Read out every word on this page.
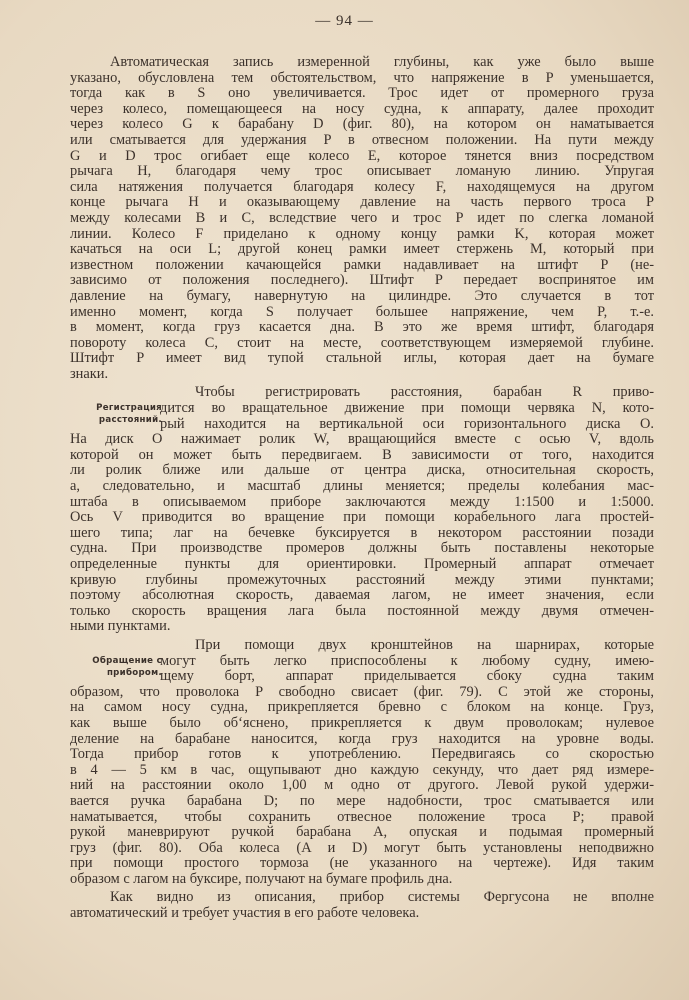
— 94 —
Автоматическая запись измеренной глубины, как уже было выше
указано, обусловлена тем обстоятельством, что напряжение в P уменьшается,
тогда как в S оно увеличивается. Трос идет от промерного груза
через колесо, помещающееся на носу судна, к аппарату, далее проходит
через колесо G к барабану D (фиг. 80), на котором он наматывается
или сматывается для удержания P в отвесном положении. На пути между
G и D трос огибает еще колесо E, которое тянется вниз посредством
рычага H, благодаря чему трос описывает ломаную линию. Упругая
сила натяжения получается благодаря колесу F, находящемуся на другом
конце рычага H и оказывающему давление на часть первого троса P
между колесами B и C, вследствие чего и трос P идет по слегка ломаной
линии. Колесо F приделано к одному концу рамки K, которая может
качаться на оси L; другой конец рамки имеет стержень M, который при
известном положении качающейся рамки надавливает на штифт P (не-
зависимо от положения последнего). Штифт P передает воспринятое им
давление на бумагу, навернутую на цилиндре. Это случается в тот
именно момент, когда S получает большее напряжение, чем P, т.-е.
в момент, когда груз касается дна. В это же время штифт, благодаря
повороту колеса C, стоит на месте, соответствующем измеряемой глубине.
Штифт P имеет вид тупой стальной иглы, которая дает на бумаге
знаки.
Чтобы регистрировать расстояния, барабан R приво-
дится во вращательное движение при помощи червяка N, кото-
рый находится на вертикальной оси горизонтального диска O.
На диск O нажимает ролик W, вращающийся вместе с осью V, вдоль
которой он может быть передвигаем. В зависимости от того, находится
ли ролик ближе или дальше от центра диска, относительная скорость,
а, следовательно, и масштаб длины меняется; пределы колебания мас-
штаба в описываемом приборе заключаются между 1:1500 и 1:5000.
Ось V приводится во вращение при помощи корабельного лага простей-
шего типа; лаг на бечевке буксируется в некотором расстоянии позади
судна. При производстве промеров должны быть поставлены некоторые
определенные пункты для ориентировки. Промерный аппарат отмечает
кривую глубины промежуточных расстояний между этими пунктами;
поэтому абсолютная скорость, даваемая лагом, не имеет значения, если
только скорость вращения лага была постоянной между двумя отмечен-
ными пунктами.
При помощи двух кронштейнов на шарнирах, которые
могут быть легко приспособлены к любому судну, имею-
щему борт, аппарат приделывается сбоку судна таким
образом, что проволока P свободно свисает (фиг. 79). С этой же стороны,
на самом носу судна, прикрепляется бревно с блоком на конце. Груз,
как выше было об‘яснено, прикрепляется к двум проволокам; нулевое
деление на барабане наносится, когда груз находится на уровне воды.
Тогда прибор готов к употреблению. Передвигаясь со скоростью
в 4 — 5 км в час, ощупывают дно каждую секунду, что дает ряд измере-
ний на расстоянии около 1,00 м одно от другого. Левой рукой удержи-
вается ручка барабана D; по мере надобности, трос сматывается или
наматывается, чтобы сохранить отвесное положение троса P; правой
рукой маневрируют ручкой барабана A, опуская и подымая промерный
груз (фиг. 80). Оба колеса (A и D) могут быть установлены неподвижно
при помощи простого тормоза (не указанного на чертеже). Идя таким
образом с лагом на буксире, получают на бумаге профиль дна.
Как видно из описания, прибор системы Фергусона не вполне
автоматический и требует участия в его работе человека.
Регистрация
расстояний.
Обращение с
прибором.
